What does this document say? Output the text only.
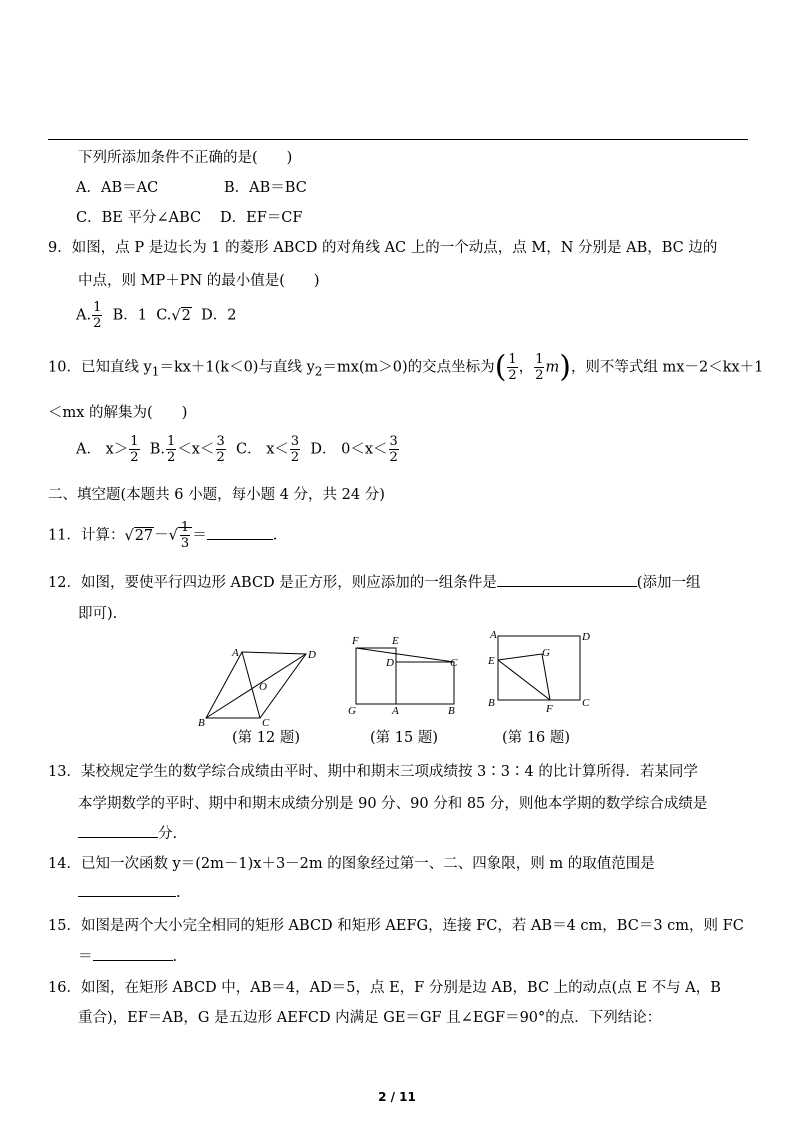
下列所添加条件不正确的是(　　)
A．AB＝AC	B．AB＝BC
C．BE 平分∠ABC D．EF＝CF
9．如图，点 P 是边长为 1 的菱形 ABCD 的对角线 AC 上的一个动点，点 M，N 分别是 AB，BC 边的
中点，则 MP＋PN 的最小值是(　　)
A. $\frac{1}{2}$ B．1 C.√2 D．2
10．已知直线 $y_1=kx+1(k<0)$与直线 $y_2=mx(m>0)$的交点坐标为( $\frac{1}{2}$ ， $\frac{1}{2} m$)，则不等式组 mx－2＜kx＋1
＜mx 的解集为(　　)
A． $x> \frac{1}{2} B$. $\frac{1}{2} <x< \frac{3}{2}$ C． $x< \frac{3}{2}$ D． $0<x< \frac{3}{2}$
二、填空题(本题共 6 小题，每小题 4 分，共 24 分)
11．计算：$√27-√ \frac{1}{3}$ ＝	.
12．如图，要使平行四边形 ABCD 是正方形，则应添加的一组条件是	(添加一组
即可).
A	D
O
B	C
F	E
D	C
G	A	B
A	D
E
G
B	F	C
(第 12 题)	(第 15 题)	(第 16 题)
13．某校规定学生的数学综合成绩由平时、期中和期末三项成绩按 3∶3∶4 的比计算所得．若某同学
本学期数学的平时、期中和期末成绩分别是 90 分、90 分和 85 分，则他本学期的数学综合成绩是
分.
14．已知一次函数 y＝(2m－1)x＋3－2m 的图象经过第一、二、四象限，则 m 的取值范围是
.
15．如图是两个大小完全相同的矩形 ABCD 和矩形 AEFG，连接 FC，若 AB＝4 cm，BC＝3 cm，则 FC
＝	.
16．如图，在矩形 ABCD 中，AB＝4，AD＝5，点 E，F 分别是边 AB，BC 上的动点(点 E 不与 A，B
重合)，EF＝AB，G 是五边形 AEFCD 内满足 GE＝GF 且∠EGF＝90°的点．下列结论：
2 / 11
